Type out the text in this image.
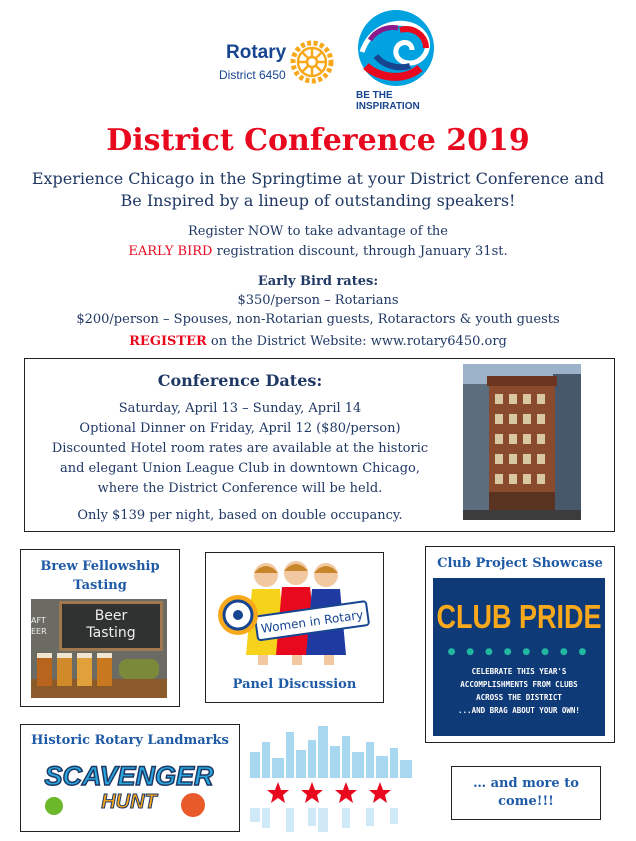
Rotary
District 6450
BE THE
INSPIRATION
District Conference 2019
Experience Chicago in the Springtime at your District Conference and
Be Inspired by a lineup of outstanding speakers!
Register NOW to take advantage of the
EARLY BIRD registration discount, through January 31st.
Early Bird rates:
$350/person – Rotarians
$200/person – Spouses, non-Rotarian guests, Rotaractors & youth guests
REGISTER on the District Website: www.rotary6450.org
Conference Dates:
Saturday, April 13 – Sunday, April 14
Optional Dinner on Friday, April 12 ($80/person)
Discounted Hotel room rates are available at the historic
and elegant Union League Club in downtown Chicago,
where the District Conference will be held.
Only $139 per night, based on double occupancy.
Brew Fellowship
Tasting
Beer
Tasting
AFT EER	Women in Rotary
Panel Discussion
Club Project Showcase
CLUB PRIDE
● ● ● ● ● ● ● ●
CELEBRATE THIS YEAR'S
ACCOMPLISHMENTS FROM CLUBS
ACROSS THE DISTRICT
...AND BRAG ABOUT YOUR OWN!
Historic Rotary Landmarks
SCAVENGER
HUNT
… and more to
come!!!
